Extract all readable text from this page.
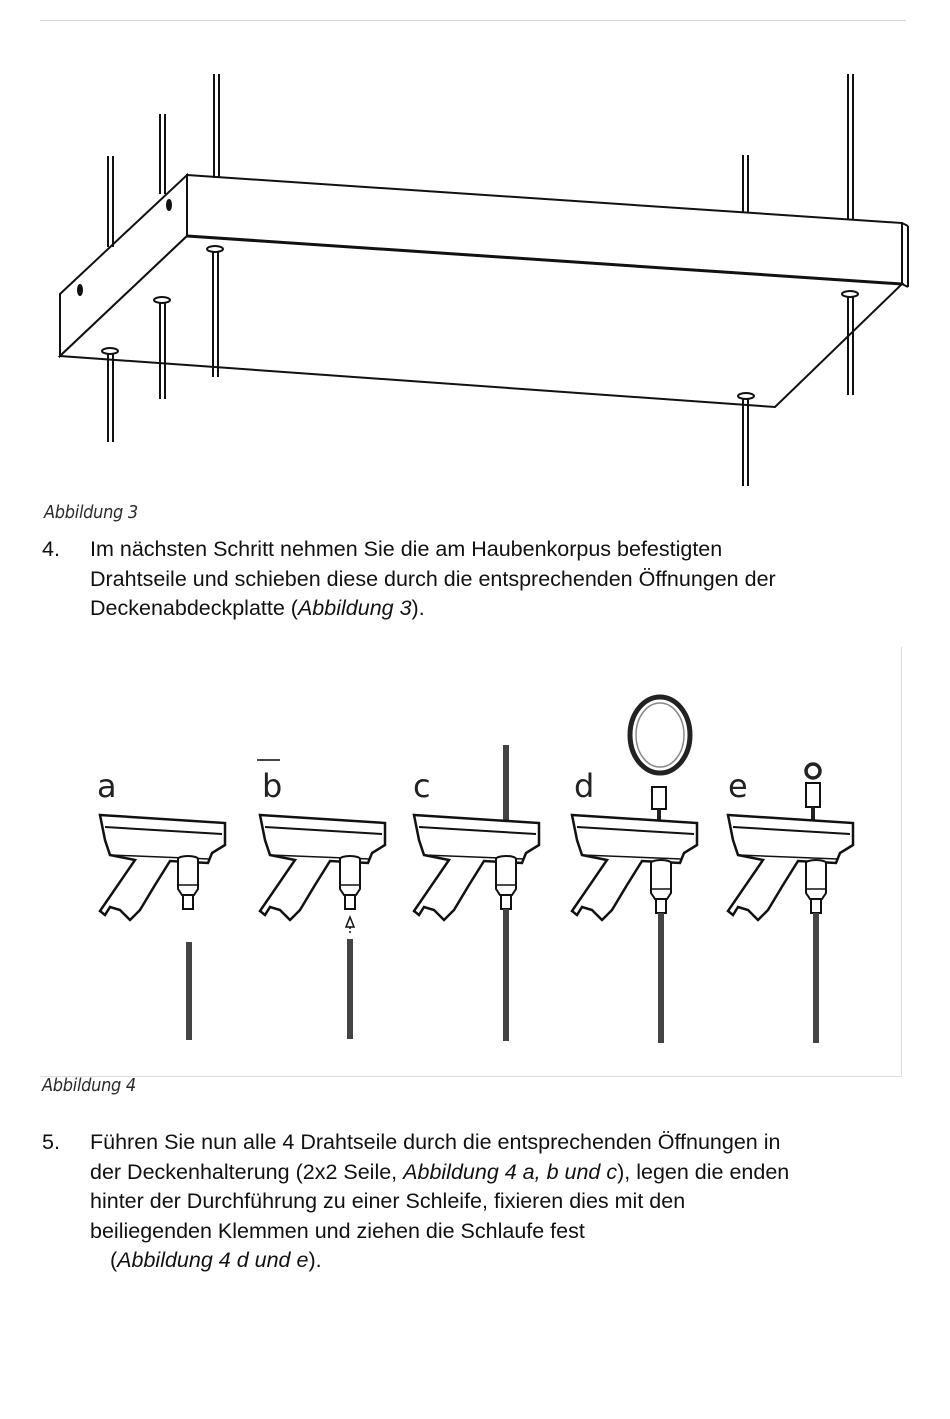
Abbildung 3
4. Im nächsten Schritt nehmen Sie die am Haubenkorpus befestigten
Drahtseile und schieben diese durch die entsprechenden Öffnungen der
Deckenabdeckplatte (Abbildung 3).
a	b	c	d	e
Abbildung 4
5. Führen Sie nun alle 4 Drahtseile durch die entsprechenden Öffnungen in
der Deckenhalterung (2x2 Seile, Abbildung 4 a, b und c), legen die enden
hinter der Durchführung zu einer Schleife, fixieren dies mit den
beiliegenden Klemmen und ziehen die Schlaufe fest
(Abbildung 4 d und e).
